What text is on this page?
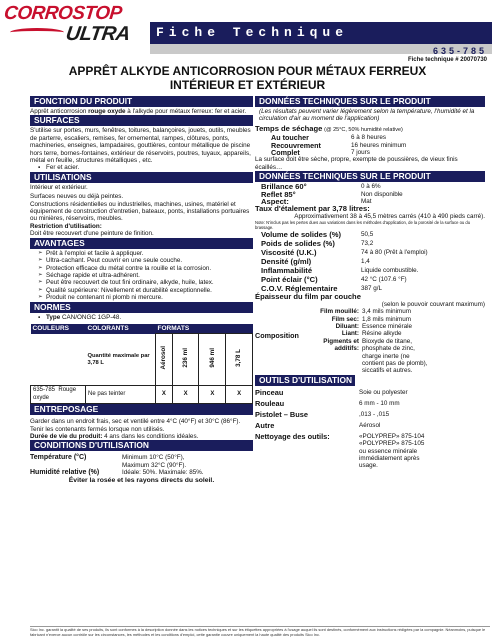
CORROSTOP
ULTRA	Fiche Technique
635-785
Fiche technique # 20070730
APPRÊT ALKYDE ANTICORROSION POUR MÉTAUX FERREUX
INTÉRIEUR ET EXTÉRIEUR
FONCTION DU PRODUIT

Apprêt anticorrosion rouge oxyde à l'alkyde pour métaux ferreux: fer et acier.

SURFACES

S'utilise sur portes, murs, fenêtres, toitures, balançoires, jouets, outils, meubles de parterre, escaliers, remises, fer ornemental, rampes, clôtures, ponts, machineries, enseignes, lampadaires, gouttières, contour métallique de piscine hors terre, bornes-fontaines, extérieur de réservoirs, poutres, tuyaux, appareils, métal en feuille, structures métalliques , etc.

▪ Fer et acier.
UTILISATIONS

Intérieur et extérieur.

Surfaces neuves ou déjà peintes.

Constructions résidentielles ou industrielles, machines, usines, matériel et équipement de construction d'entretien, bateaux, ponts, installations portuaires ou minières, réservoirs, meubles.

Restriction d'utilisation:

Doit être recouvert d'une peinture de finition.

AVANTAGES
➢ Prêt à l'emploi et facile à appliquer.
➢ Ultra-cachant. Peut couvrir en une seule couche.
➢ Protection efficace du métal contre la rouille et la corrosion.
➢ Séchage rapide et ultra-adhérent.
➢ Peut être recouvert de tout fini ordinaire, alkyde, huile, latex.
➢ Qualité supérieure: Nivellement et durabilité exceptionnelle.
➢ Produit ne contenant ni plomb ni mercure.
NORMES
▪ Type CAN/ONGC 1GP-48.
COULEURS	COLORANTS	FORMATS			
	Quantité maximale par 3,78 L	Aérosol	236 ml	946 ml	3,78 L
635-785 Rouge oxyde	Ne pas teinter	X	X	X	X
ENTREPOSAGE

Garder dans un endroit frais, sec et ventilé entre 4°C (40°F) et 30°C (86°F). Tenir les contenants fermés lorsque non utilisés.

Durée de vie du produit: 4 ans dans les conditions idéales.

CONDITIONS D'UTILISATION
Température (°C)	Minimum 10°C (50°F),
Maximum 32°C (90°F).
Humidité relative (%)	Idéale: 50%. Maximale: 85%.

Éviter la rosée et les rayons directs du soleil.

DONNÉES TECHNIQUES SUR LE PRODUIT

(Les résultats peuvent varier légèrement selon la température, l'humidité et la circulation d'air au moment de l'application)

Temps de séchage (@ 25°C, 50% humidité relative)

Au toucher	6 à 8 heures
Recouvrement	16 heures minimum
Complet	7 jours

La surface doit être sèche, propre, exempte de poussières, de vieux finis écaillés…

DONNÉES TECHNIQUES SUR LE PRODUIT
Brillance 60°	0 à 6%
Reflet 85°	Non disponible
Aspect:	Mat

Taux d'étalement par 3,78 litres:

Approximativement 38 à 45,5 mètres carrés (410 à 490 pieds carré).

Note: N'inclus pas les pertes dues aux variations dans les méthodes d'application, de la porosité de la surface ou du brassage.

Volume de solides (%)	50,5
Poids de solides (%)	73,2
Viscosité (U.K.)	74 à 80 (Prêt à l'emploi)
Densité (g/ml)	1,4
Inflammabilité	Liquide combustible.
Point éclair (°C)	42 °C (107.6 °F)
C.O.V. Réglementaire	387 g/L

Épaisseur du film par couche

(selon le pouvoir couvrant maximum)

Film mouillé: 3,4 mils minimum
Film sec: 1,8 mils minimum
Composition
Diluant: Essence minérale
Liant: Résine alkyde
Pigments et additifs:
Bioxyde de titane, phosphate de zinc, charge inerte (ne contient pas de plomb), siccatifs et autres.
OUTILS D'UTILISATION
Pinceau	Soie ou polyester
Rouleau	6 mm - 10 mm
Pistolet – Buse	,013 - ,015
Autre	Aérosol
Nettoyage des outils:	«POLYPREP» 875-104 «POLYPREP» 875-105 ou essence minérale immédiatement après usage.
Sico Inc. garantit la qualité de ses produits, ils sont conformes à la description donnée dans les notices techniques et sur les étiquettes appropriées à l'usage auquel ils sont destinés, conformément aux instructions rédigées par la compagnie. Néanmoins, puisque le fabricant n'exerce aucun contrôle sur les circonstances, les méthodes et les conditions d'emploi, cette garantie couvre uniquement la haute qualité des produits Sico Inc.
